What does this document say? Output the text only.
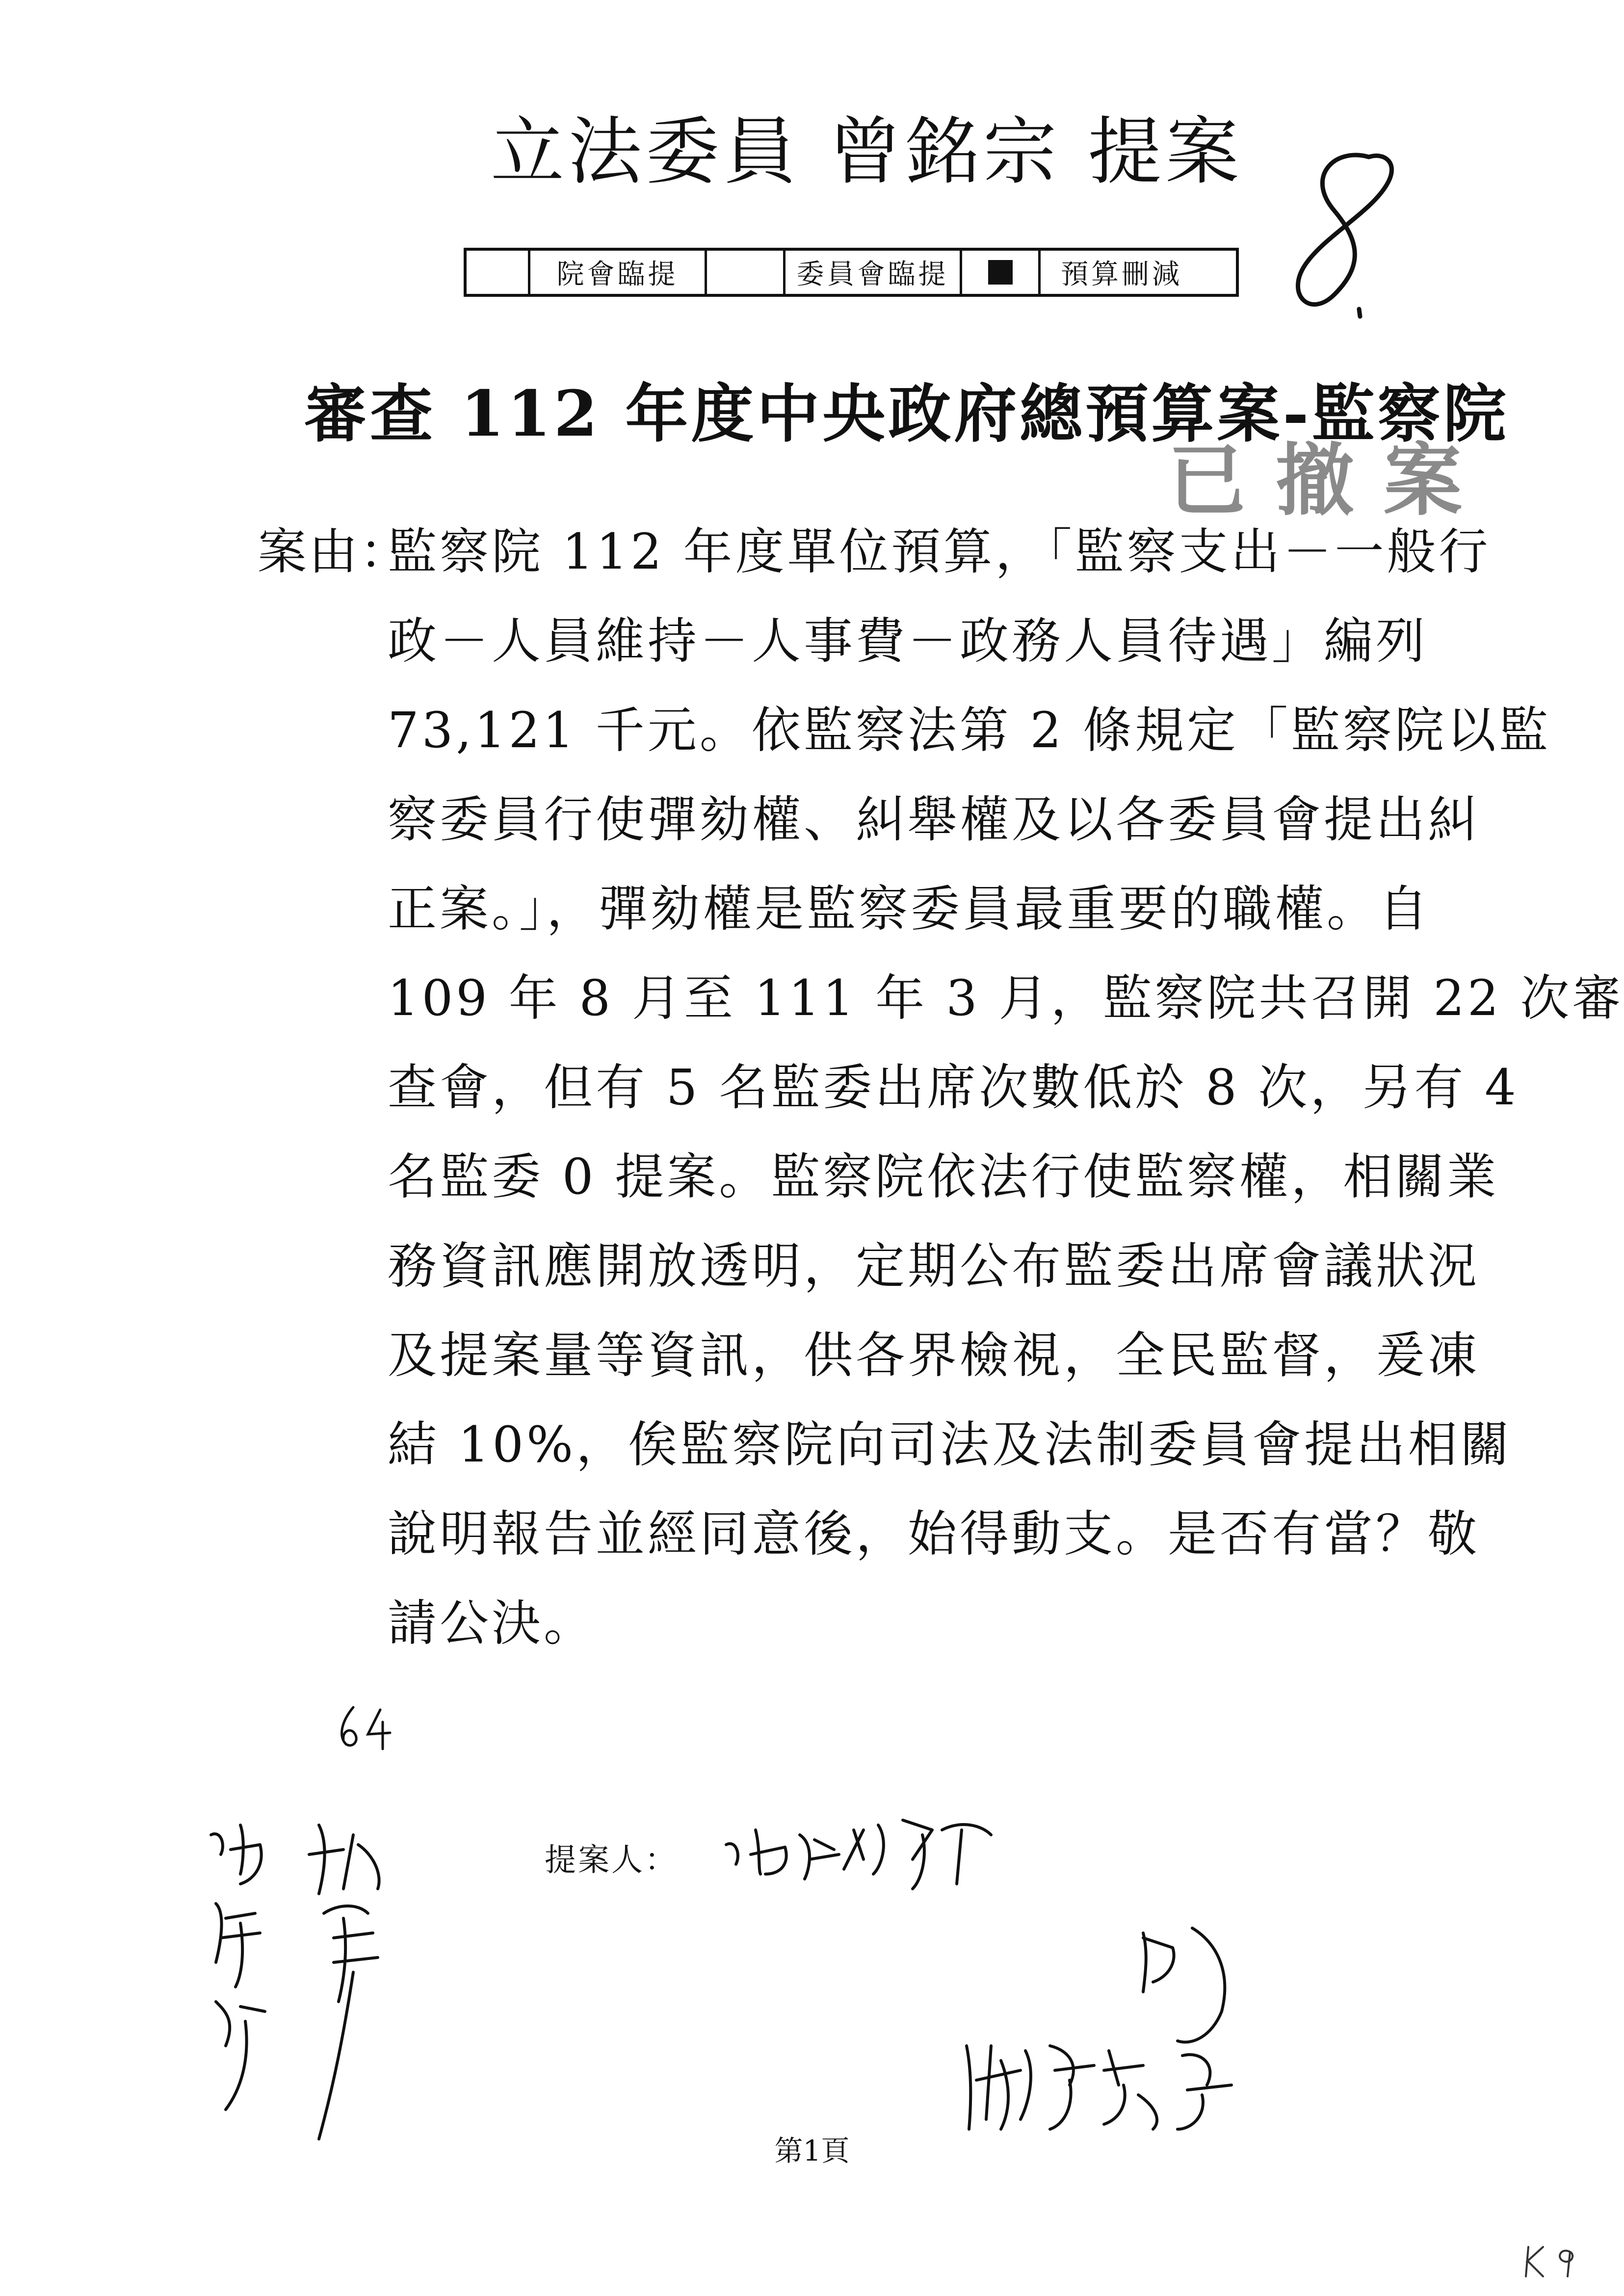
立法委員 曾銘宗 提案
院會臨提	委員會臨提	預算刪減
審查 112 年度中央政府總預算案-監察院
已撤案
案由：
監察院 112 年度單位預算，「監察支出－一般行
政－人員維持－人事費－政務人員待遇」編列
73,121 千元。依監察法第 2 條規定「監察院以監
察委員行使彈劾權、糾舉權及以各委員會提出糾
正案。」，彈劾權是監察委員最重要的職權。自
109 年 8 月至 111 年 3 月，監察院共召開 22 次審
查會，但有 5 名監委出席次數低於 8 次，另有 4
名監委 0 提案。監察院依法行使監察權，相關業
務資訊應開放透明，定期公布監委出席會議狀況
及提案量等資訊，供各界檢視，全民監督，爰凍
結 10%，俟監察院向司法及法制委員會提出相關
說明報告並經同意後，始得動支。是否有當？敬
請公決。
提案人：
第1頁
